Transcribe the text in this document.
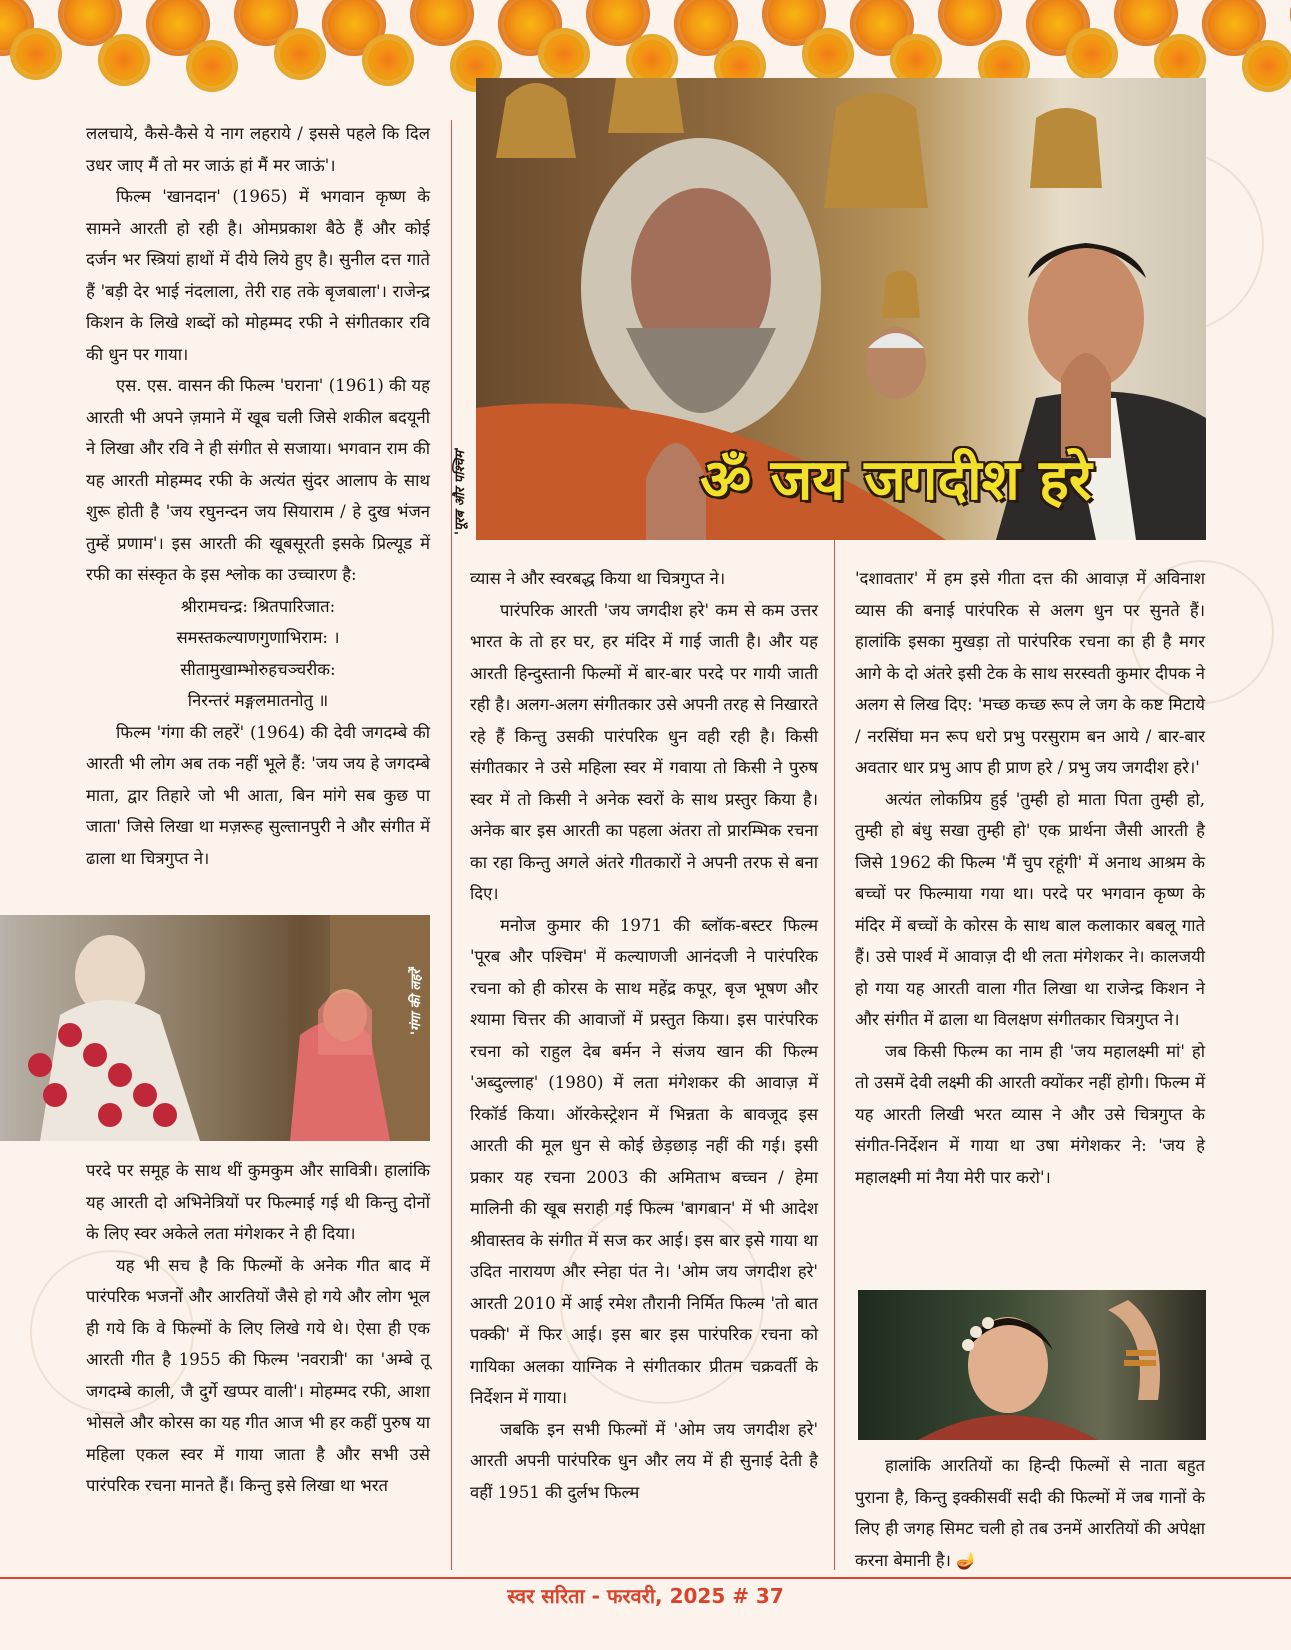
ललचाये, कैसे-कैसे ये नाग लहराये / इससे पहले कि दिल उधर जाए मैं तो मर जाऊं हां मैं मर जाऊं'।

फिल्म 'खानदान' (1965) में भगवान कृष्ण के सामने आरती हो रही है। ओमप्रकाश बैठे हैं और कोई दर्जन भर स्त्रियां हाथों में दीये लिये हुए है। सुनील दत्त गाते हैं 'बड़ी देर भाई नंदलाला, तेरी राह तके बृजबाला'। राजेन्द्र किशन के लिखे शब्दों को मोहम्मद रफी ने संगीतकार रवि की धुन पर गाया।

एस. एस. वासन की फिल्म 'घराना' (1961) की यह आरती भी अपने ज़माने में खूब चली जिसे शकील बदयूनी ने लिखा और रवि ने ही संगीत से सजाया। भगवान राम की यह आरती मोहम्मद रफी के अत्यंत सुंदर आलाप के साथ शुरू होती है 'जय रघुनन्दन जय सियाराम / हे दुख भंजन तुम्हें प्रणाम'। इस आरती की खूबसूरती इसके प्रिल्यूड में रफी का संस्कृत के इस श्लोक का उच्चारण है:

श्रीरामचन्द्र: श्रितपारिजात:

समस्तकल्याणगुणाभिराम: ।

सीतामुखाम्भोरुहचञ्चरीक:

निरन्तरं मङ्गलमातनोतु ॥

फिल्म 'गंगा की लहरें' (1964) की देवी जगदम्बे की आरती भी लोग अब तक नहीं भूले हैं: 'जय जय हे जगदम्बे माता, द्वार तिहारे जो भी आता, बिन मांगे सब कुछ पा जाता' जिसे लिखा था मज़रूह सुल्तानपुरी ने और संगीत में ढाला था चित्रगुप्त ने।

परदे पर समूह के साथ थीं कुमकुम और सावित्री। हालांकि यह आरती दो अभिनेत्रियों पर फिल्माई गई थी किन्तु दोनों के लिए स्वर अकेले लता मंगेशकर ने ही दिया।

यह भी सच है कि फिल्मों के अनेक गीत बाद में पारंपरिक भजनों और आरतियों जैसे हो गये और लोग भूल ही गये कि वे फिल्मों के लिए लिखे गये थे। ऐसा ही एक आरती गीत है 1955 की फिल्म 'नवरात्री' का 'अम्बे तू जगदम्बे काली, जै दुर्गे खप्पर वाली'। मोहम्मद रफी, आशा भोसले और कोरस का यह गीत आज भी हर कहीं पुरुष या महिला एकल स्वर में गाया जाता है और सभी उसे पारंपरिक रचना मानते हैं। किन्तु इसे लिखा था भरत

ॐ जय जगदीश हरे
'पूरब और पश्चिम'

व्यास ने और स्वरबद्ध किया था चित्रगुप्त ने।

पारंपरिक आरती 'जय जगदीश हरे' कम से कम उत्तर भारत के तो हर घर, हर मंदिर में गाई जाती है। और यह आरती हिन्दुस्तानी फिल्मों में बार-बार परदे पर गायी जाती रही है। अलग-अलग संगीतकार उसे अपनी तरह से निखारते रहे हैं किन्तु उसकी पारंपरिक धुन वही रही है। किसी संगीतकार ने उसे महिला स्वर में गवाया तो किसी ने पुरुष स्वर में तो किसी ने अनेक स्वरों के साथ प्रस्तुर किया है। अनेक बार इस आरती का पहला अंतरा तो प्रारम्भिक रचना का रहा किन्तु अगले अंतरे गीतकारों ने अपनी तरफ से बना दिए।

मनोज कुमार की 1971 की ब्लॉक-बस्टर फिल्म 'पूरब और पश्चिम' में कल्याणजी आनंदजी ने पारंपरिक रचना को ही कोरस के साथ महेंद्र कपूर, बृज भूषण और श्यामा चित्तर की आवाजों में प्रस्तुत किया। इस पारंपरिक रचना को राहुल देब बर्मन ने संजय खान की फिल्म 'अब्दुल्लाह' (1980) में लता मंगेशकर की आवाज़ में रिकॉर्ड किया। ऑरकेस्ट्रेशन में भिन्नता के बावजूद इस आरती की मूल धुन से कोई छेड़छाड़ नहीं की गई। इसी प्रकार यह रचना 2003 की अमिताभ बच्चन / हेमा मालिनी की खूब सराही गई फिल्म 'बागबान' में भी आदेश श्रीवास्तव के संगीत में सज कर आई। इस बार इसे गाया था उदित नारायण और स्नेहा पंत ने। 'ओम जय जगदीश हरे' आरती 2010 में आई रमेश तौरानी निर्मित फिल्म 'तो बात पक्की' में फिर आई। इस बार इस पारंपरिक रचना को गायिका अलका याग्निक ने संगीतकार प्रीतम चक्रवर्ती के निर्देशन में गाया।

जबकि इन सभी फिल्मों में 'ओम जय जगदीश हरे' आरती अपनी पारंपरिक धुन और लय में ही सुनाई देती है वहीं 1951 की दुर्लभ फिल्म

'दशावतार' में हम इसे गीता दत्त की आवाज़ में अविनाश व्यास की बनाई पारंपरिक से अलग धुन पर सुनते हैं। हालांकि इसका मुखड़ा तो पारंपरिक रचना का ही है मगर आगे के दो अंतरे इसी टेक के साथ सरस्वती कुमार दीपक ने अलग से लिख दिए: 'मच्छ कच्छ रूप ले जग के कष्ट मिटाये / नरसिंघा मन रूप धरो प्रभु परसुराम बन आये / बार-बार अवतार धार प्रभु आप ही प्राण हरे / प्रभु जय जगदीश हरे।'

अत्यंत लोकप्रिय हुई 'तुम्ही हो माता पिता तुम्ही हो, तुम्ही हो बंधु सखा तुम्ही हो' एक प्रार्थना जैसी आरती है जिसे 1962 की फिल्म 'मैं चुप रहूंगी' में अनाथ आश्रम के बच्चों पर फिल्माया गया था। परदे पर भगवान कृष्ण के मंदिर में बच्चों के कोरस के साथ बाल कलाकार बबलू गाते हैं। उसे पार्श्व में आवाज़ दी थी लता मंगेशकर ने। कालजयी हो गया यह आरती वाला गीत लिखा था राजेन्द्र किशन ने और संगीत में ढाला था विलक्षण संगीतकार चित्रगुप्त ने।

जब किसी फिल्म का नाम ही 'जय महालक्ष्मी मां' हो तो उसमें देवी लक्ष्मी की आरती क्योंकर नहीं होगी। फिल्म में यह आरती लिखी भरत व्यास ने और उसे चित्रगुप्त के संगीत-निर्देशन में गाया था उषा मंगेशकर ने: 'जय हे महालक्ष्मी मां नैया मेरी पार करो'।

'गंगा की लहरें'

हालांकि आरतियों का हिन्दी फिल्मों से नाता बहुत पुराना है, किन्तु इक्कीसवीं सदी की फिल्मों में जब गानों के लिए ही जगह सिमट चली हो तब उनमें आरतियों की अपेक्षा करना बेमानी है। 🪔

स्वर सरिता - फरवरी, 2025 # 37
